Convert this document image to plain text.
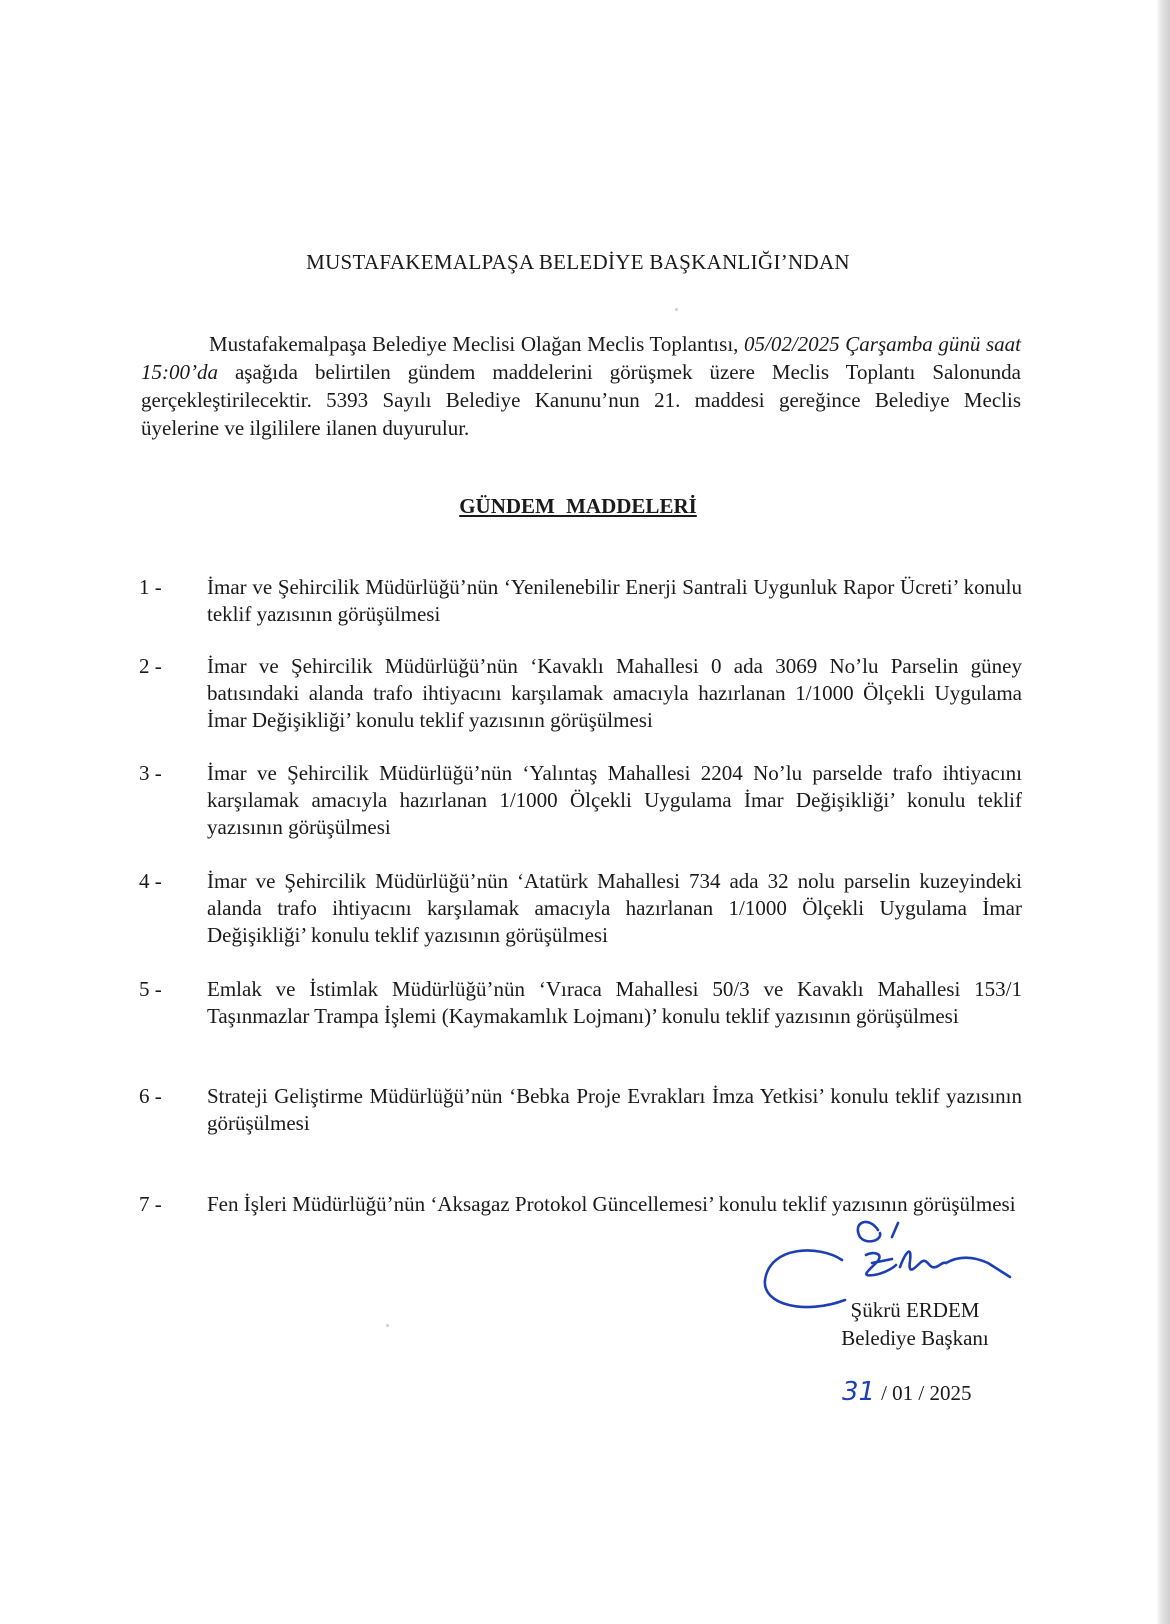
MUSTAFAKEMALPAŞA BELEDİYE BAŞKANLIĞI’NDAN

Mustafakemalpaşa Belediye Meclisi Olağan Meclis Toplantısı, 05/02/2025 Çarşamba günü saat 15:00’da aşağıda belirtilen gündem maddelerini görüşmek üzere Meclis Toplantı Salonunda gerçekleştirilecektir. 5393 Sayılı Belediye Kanunu’nun 21. maddesi gereğince Belediye Meclis üyelerine ve ilgililere ilanen duyurulur.

GÜNDEM MADDELERİ
1 -	İmar ve Şehircilik Müdürlüğü’nün ‘Yenilenebilir Enerji Santrali Uygunluk Rapor Ücreti’ konulu teklif yazısının görüşülmesi
2 -	İmar ve Şehircilik Müdürlüğü’nün ‘Kavaklı Mahallesi 0 ada 3069 No’lu Parselin güney batısındaki alanda trafo ihtiyacını karşılamak amacıyla hazırlanan 1/1000 Ölçekli Uygulama İmar Değişikliği’ konulu teklif yazısının görüşülmesi
3 -	İmar ve Şehircilik Müdürlüğü’nün ‘Yalıntaş Mahallesi 2204 No’lu parselde trafo ihtiyacını karşılamak amacıyla hazırlanan 1/1000 Ölçekli Uygulama İmar Değişikliği’ konulu teklif yazısının görüşülmesi
4 -	İmar ve Şehircilik Müdürlüğü’nün ‘Atatürk Mahallesi 734 ada 32 nolu parselin kuzeyindeki alanda trafo ihtiyacını karşılamak amacıyla hazırlanan 1/1000 Ölçekli Uygulama İmar Değişikliği’ konulu teklif yazısının görüşülmesi
5 -	Emlak ve İstimlak Müdürlüğü’nün ‘Vıraca Mahallesi 50/3 ve Kavaklı Mahallesi 153/1 Taşınmazlar Trampa İşlemi (Kaymakamlık Lojmanı)’ konulu teklif yazısının görüşülmesi
6 -	Strateji Geliştirme Müdürlüğü’nün ‘Bebka Proje Evrakları İmza Yetkisi’ konulu teklif yazısının görüşülmesi
7 -	Fen İşleri Müdürlüğü’nün ‘Aksagaz Protokol Güncellemesi’ konulu teklif yazısının görüşülmesi
Şükrü ERDEM
Belediye Başkanı
31 / 01 / 2025
